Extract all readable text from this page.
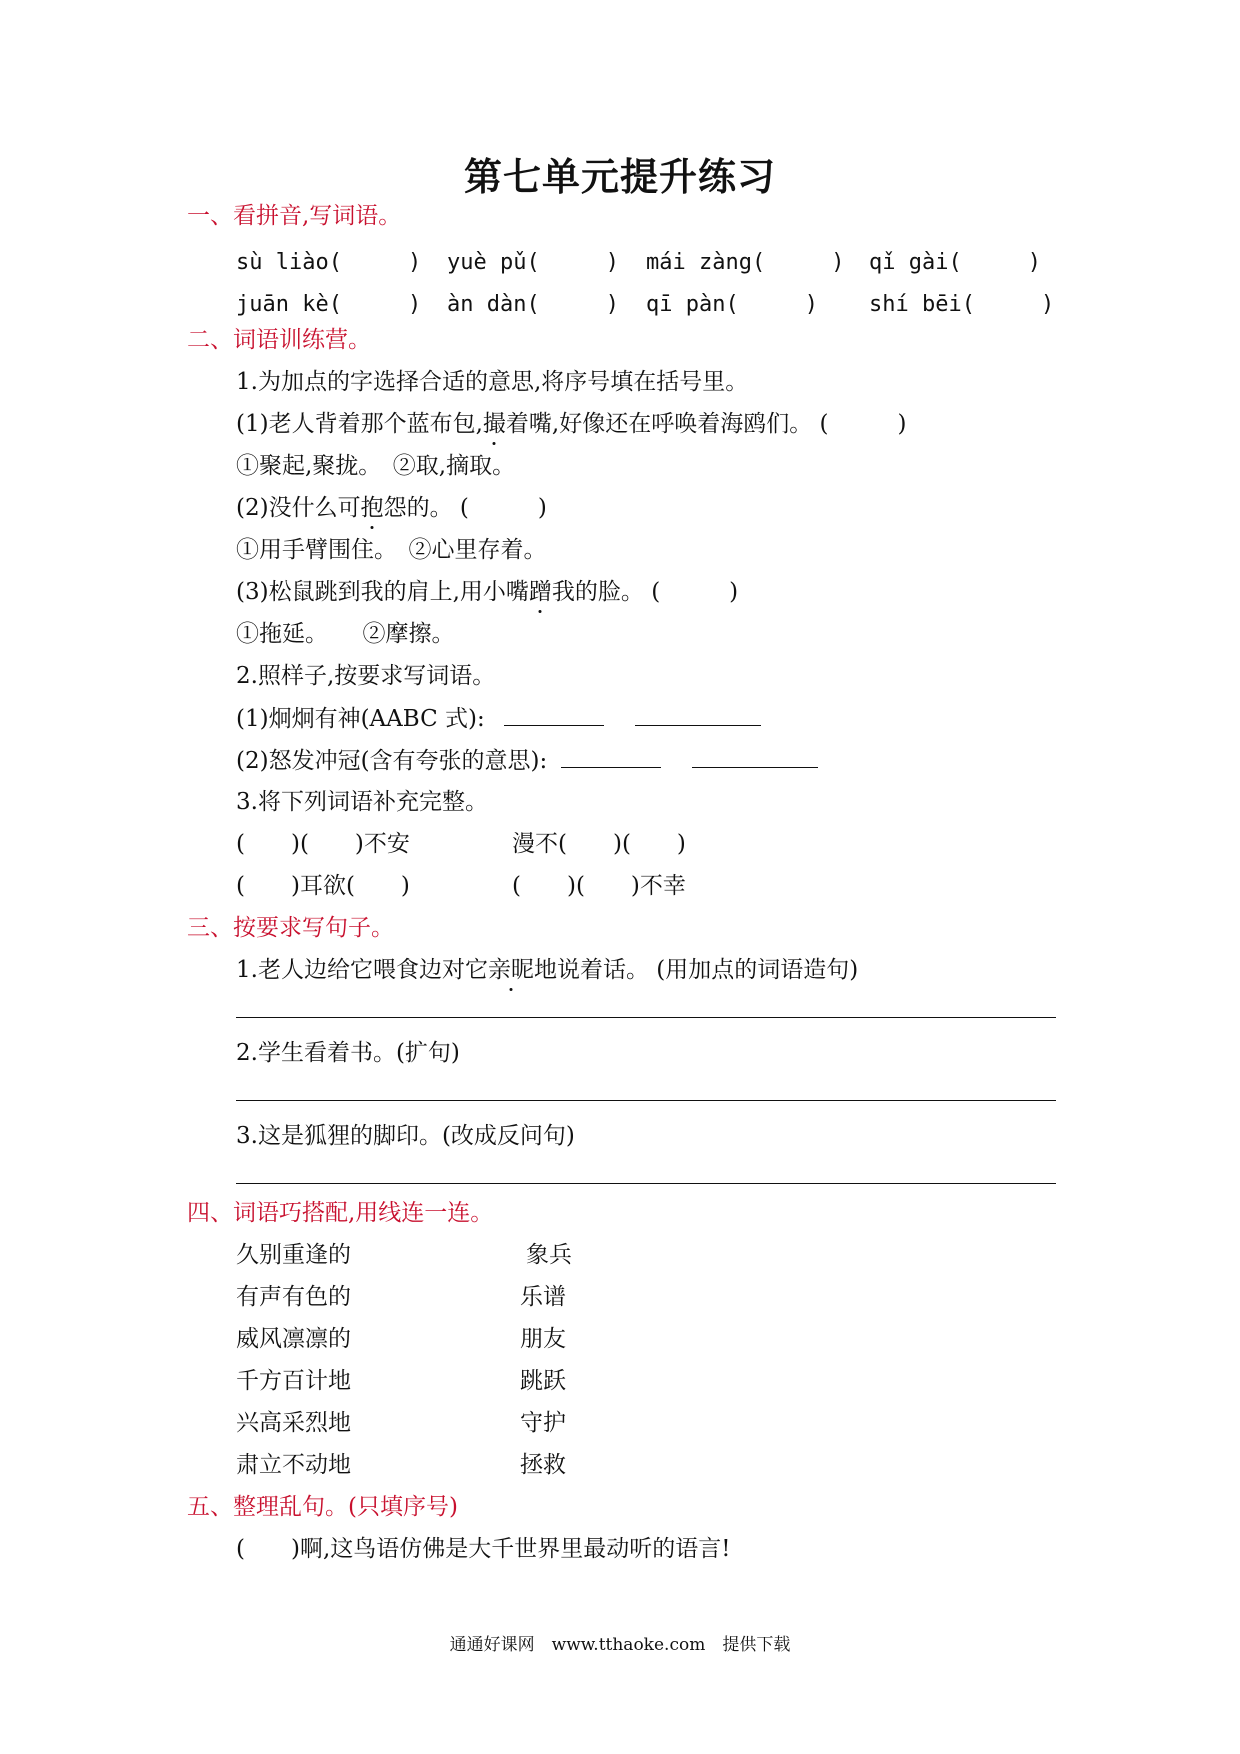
第七单元提升练习
一、看拼音,写词语。
sù liào(　　　) yuè pǔ(　　　) mái zàng(　　　) qǐ gài(　　　)
juān kè(　　　) àn dàn(　　　) qī pàn(　　　) shí bēi(　　　)
二、词语训练营。
1.为加点的字选择合适的意思,将序号填在括号里。
(1)老人背着那个蓝布包,撮着嘴,好像还在呼唤着海鸥们。 (　　　)
①聚起,聚拢。　②取,摘取。
(2)没什么可抱怨的。 (　　　)
①用手臂围住。　②心里存着。
(3)松鼠跳到我的肩上,用小嘴蹭我的脸。 (　　　)
①拖延。　　②摩擦。
2.照样子,按要求写词语。
(1)炯炯有神(AABC 式):
(2)怒发冲冠(含有夸张的意思):
3.将下列词语补充完整。
(　　)(　　)不安	漫不(　　)(　　)
(　　)耳欲(　　)	(　　)(　　)不幸
三、按要求写句子。
1.老人边给它喂食边对它亲昵地说着话。 (用加点的词语造句)
2.学生看着书。(扩句)
3.这是狐狸的脚印。(改成反问句)
四、词语巧搭配,用线连一连。
久别重逢的
有声有色的
威风凛凛的
千方百计地
兴高采烈地
肃立不动地
象兵
乐谱
朋友
跳跃
守护
拯救
五、整理乱句。(只填序号)
(　　)啊,这鸟语仿佛是大千世界里最动听的语言!
通通好课网　www.tthaoke.com　提供下载
